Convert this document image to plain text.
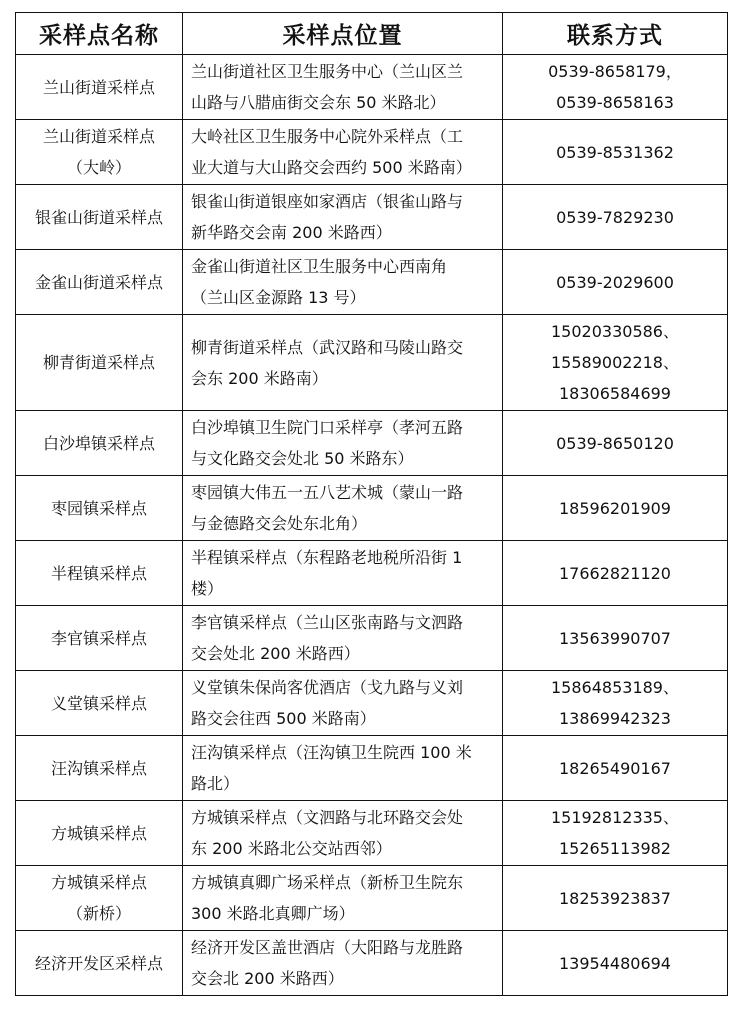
采样点名称	采样点位置	联系方式

兰山街道采样点	兰山街道社区卫生服务中心（兰山区兰
山路与八腊庙街交会东 50 米路北）	0539-8658179，
0539-8658163

兰山街道采样点
（大岭）	大岭社区卫生服务中心院外采样点（工
业大道与大山路交会西约 500 米路南）	0539-8531362

银雀山街道采样点	银雀山街道银座如家酒店（银雀山路与
新华路交会南 200 米路西）	0539-7829230

金雀山街道采样点	金雀山街道社区卫生服务中心西南角
（兰山区金源路 13 号）	0539-2029600

柳青街道采样点	柳青街道采样点（武汉路和马陵山路交
会东 200 米路南）	15020330586、
15589002218、
18306584699

白沙埠镇采样点	白沙埠镇卫生院门口采样亭（孝河五路
与文化路交会处北 50 米路东）	0539-8650120

枣园镇采样点	枣园镇大伟五一五八艺术城（蒙山一路
与金德路交会处东北角）	18596201909

半程镇采样点	半程镇采样点（东程路老地税所沿街 1
楼）	17662821120

李官镇采样点	李官镇采样点（兰山区张南路与文泗路
交会处北 200 米路西）	13563990707

义堂镇采样点	义堂镇朱保尚客优酒店（戈九路与义刘
路交会往西 500 米路南）	15864853189、
13869942323

汪沟镇采样点	汪沟镇采样点（汪沟镇卫生院西 100 米
路北）	18265490167

方城镇采样点	方城镇采样点（文泗路与北环路交会处
东 200 米路北公交站西邻）	15192812335、
15265113982

方城镇采样点
（新桥）	方城镇真卿广场采样点（新桥卫生院东
300 米路北真卿广场）	18253923837

经济开发区采样点	经济开发区盖世酒店（大阳路与龙胜路
交会北 200 米路西）	13954480694
